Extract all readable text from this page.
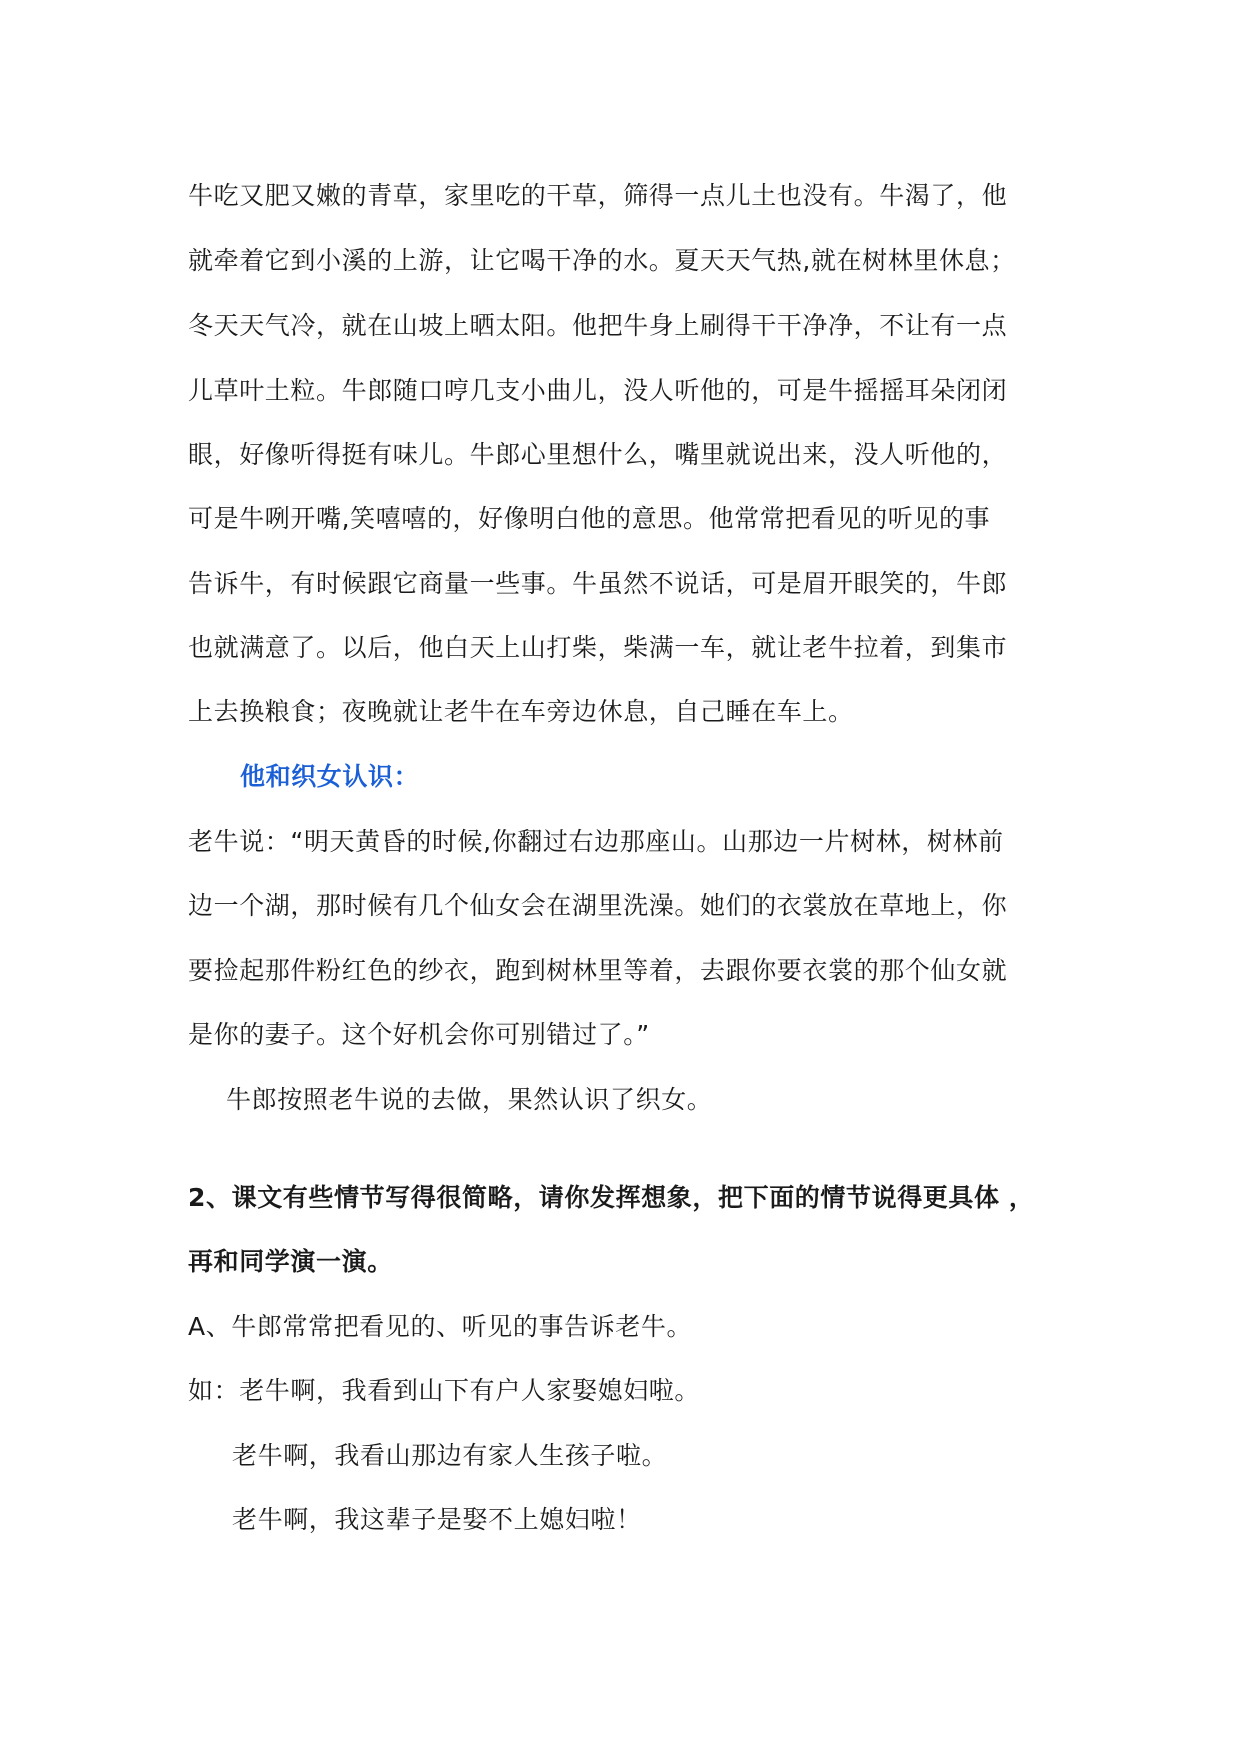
牛吃又肥又嫩的青草，家里吃的干草，筛得一点儿土也没有。牛渴了，他

就牵着它到小溪的上游，让它喝干净的水。夏天天气热,就在树林里休息；

冬天天气冷，就在山坡上晒太阳。他把牛身上刷得干干净净，不让有一点

儿草叶土粒。牛郎随口哼几支小曲儿，没人听他的，可是牛摇摇耳朵闭闭

眼，好像听得挺有味儿。牛郎心里想什么，嘴里就说出来，没人听他的，

可是牛咧开嘴,笑嘻嘻的，好像明白他的意思。他常常把看见的听见的事

告诉牛，有时候跟它商量一些事。牛虽然不说话，可是眉开眼笑的，牛郎

也就满意了。以后，他白天上山打柴，柴满一车，就让老牛拉着，到集市

上去换粮食；夜晚就让老牛在车旁边休息，自己睡在车上。

他和织女认识：

老牛说：“明天黄昏的时候,你翻过右边那座山。山那边一片树林，树林前

边一个湖，那时候有几个仙女会在湖里洗澡。她们的衣裳放在草地上，你

要捡起那件粉红色的纱衣，跑到树林里等着，去跟你要衣裳的那个仙女就

是你的妻子。这个好机会你可别错过了。”

牛郎按照老牛说的去做，果然认识了织女。

2、课文有些情节写得很简略，请你发挥想象，把下面的情节说得更具体 ，

再和同学演一演。

A、牛郎常常把看见的、听见的事告诉老牛。

如：老牛啊，我看到山下有户人家娶媳妇啦。

老牛啊，我看山那边有家人生孩子啦。

老牛啊，我这辈子是娶不上媳妇啦！
